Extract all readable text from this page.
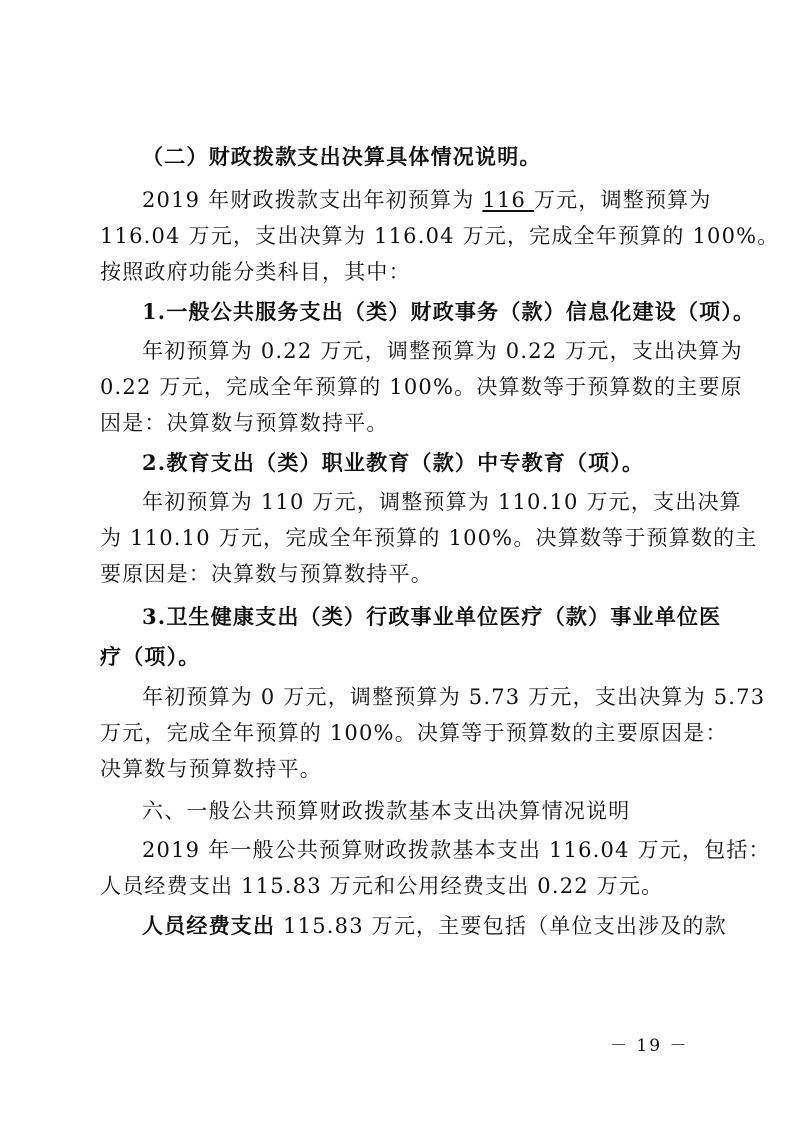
（二）财政拨款支出决算具体情况说明。
2019 年财政拨款支出年初预算为 116 万元，调整预算为
116.04 万元，支出决算为 116.04 万元，完成全年预算的 100%。
按照政府功能分类科目，其中：
1.一般公共服务支出（类）财政事务（款）信息化建设（项）。
年初预算为 0.22 万元，调整预算为 0.22 万元，支出决算为
0.22 万元，完成全年预算的 100%。决算数等于预算数的主要原
因是：决算数与预算数持平。
2.教育支出（类）职业教育（款）中专教育（项）。
年初预算为 110 万元，调整预算为 110.10 万元，支出决算
为 110.10 万元，完成全年预算的 100%。决算数等于预算数的主
要原因是：决算数与预算数持平。
3.卫生健康支出（类）行政事业单位医疗（款）事业单位医
疗（项）。
年初预算为 0 万元，调整预算为 5.73 万元，支出决算为 5.73
万元，完成全年预算的 100%。决算等于预算数的主要原因是：
决算数与预算数持平。
六、一般公共预算财政拨款基本支出决算情况说明
2019 年一般公共预算财政拨款基本支出 116.04 万元，包括：
人员经费支出 115.83 万元和公用经费支出 0.22 万元。
人员经费支出 115.83 万元，主要包括（单位支出涉及的款
－ 19 －
